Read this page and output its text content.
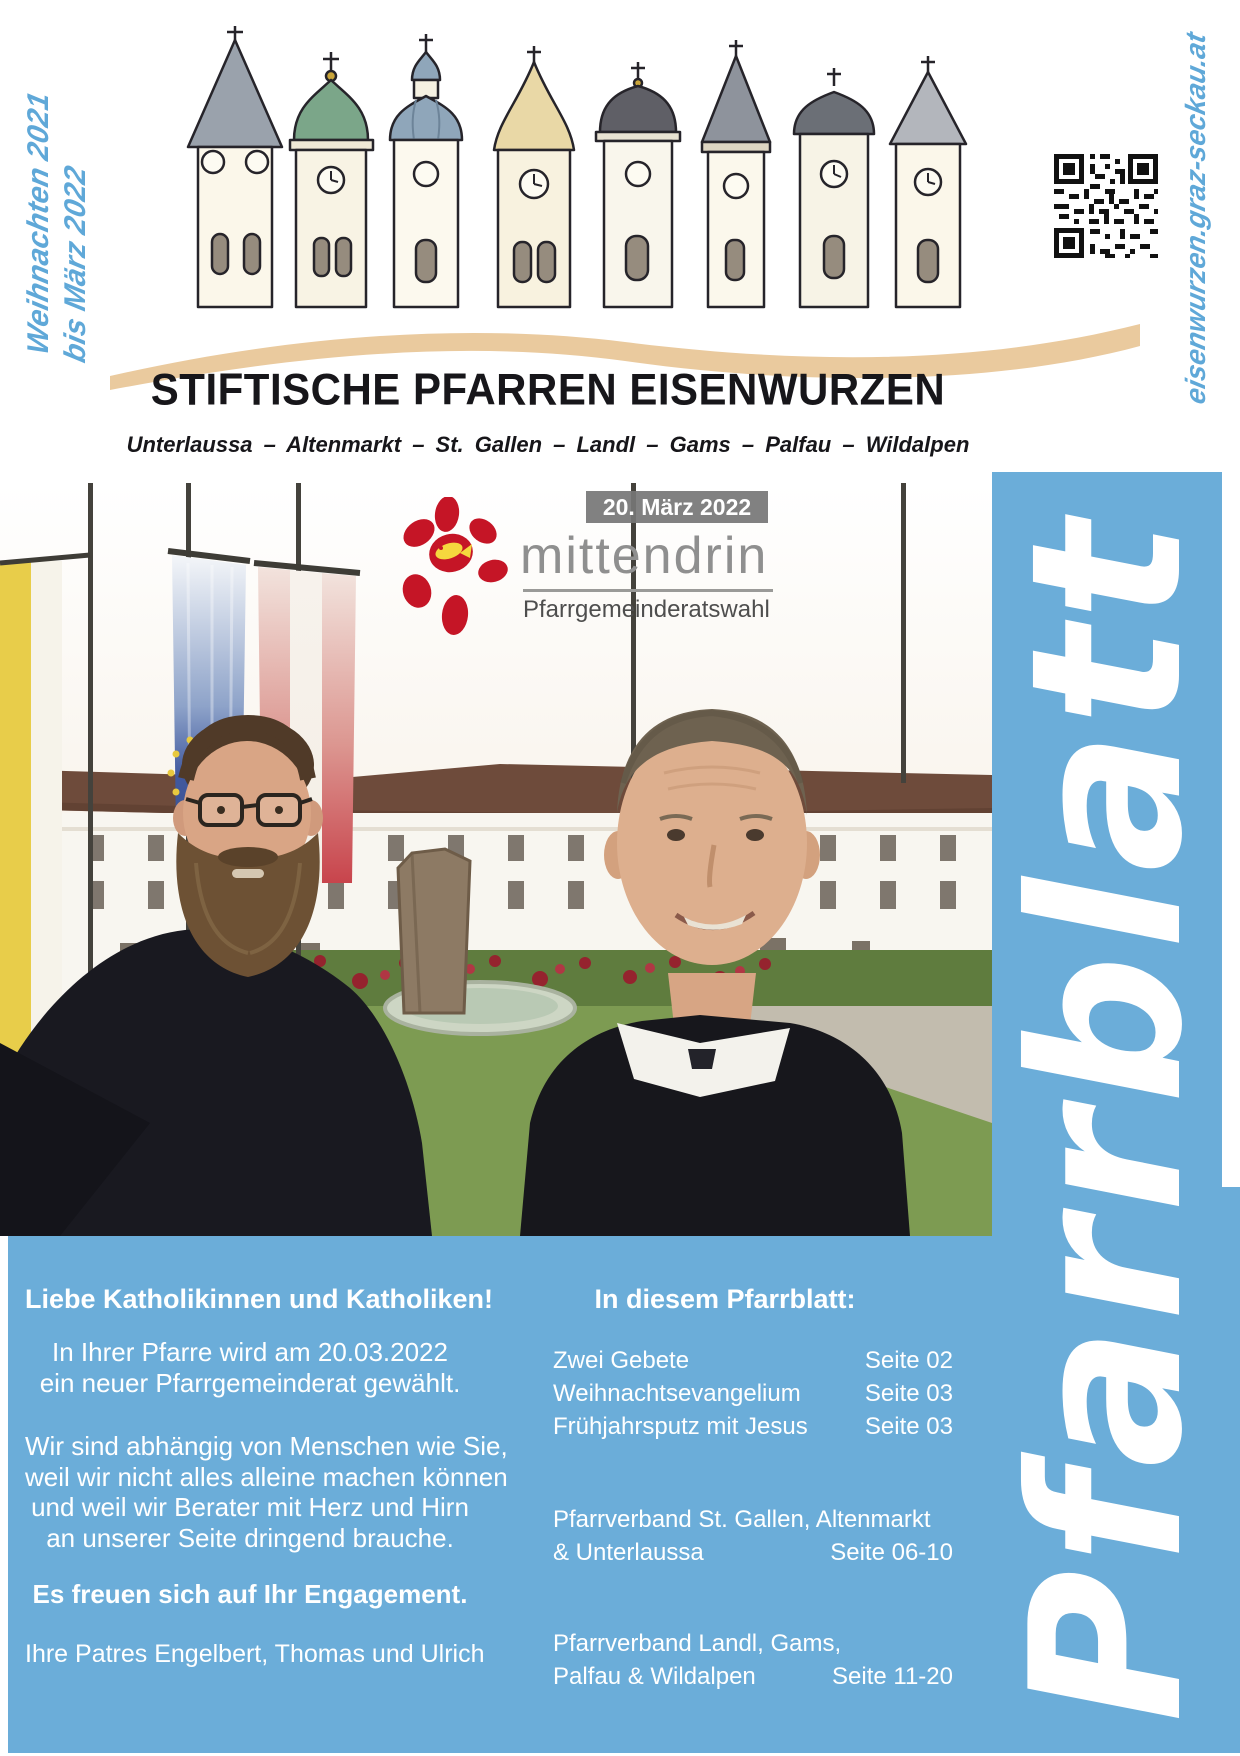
Weihnachten 2021 bis März 2022	eisenwurzen.graz-seckau.at
STIFTISCHE PFARREN EISENWURZEN
Unterlaussa – Altenmarkt – St. Gallen – Landl – Gams – Palfau – Wildalpen
20. März 2022
mittendrin
Pfarrgemeinderatswahl Pfarrblatt
Liebe Katholikinnen und Katholiken!
In Ihrer Pfarre wird am 20.03.2022
ein neuer Pfarrgemeinderat gewählt.
Wir sind abhängig von Menschen wie Sie,
weil wir nicht alles alleine machen können
und weil wir Berater mit Herz und Hirn
an unserer Seite dringend brauche.
Es freuen sich auf Ihr Engagement.
Ihre Patres Engelbert, Thomas und Ulrich
In diesem Pfarrblatt:
Zwei Gebete	Seite 02
Weihnachtsevangelium	Seite 03
Frühjahrsputz mit Jesus Seite 03
Pfarrverband St. Gallen, Altenmarkt
& Unterlaussa	Seite 06-10
Pfarrverband Landl, Gams,
Palfau & Wildalpen	Seite 11-20
